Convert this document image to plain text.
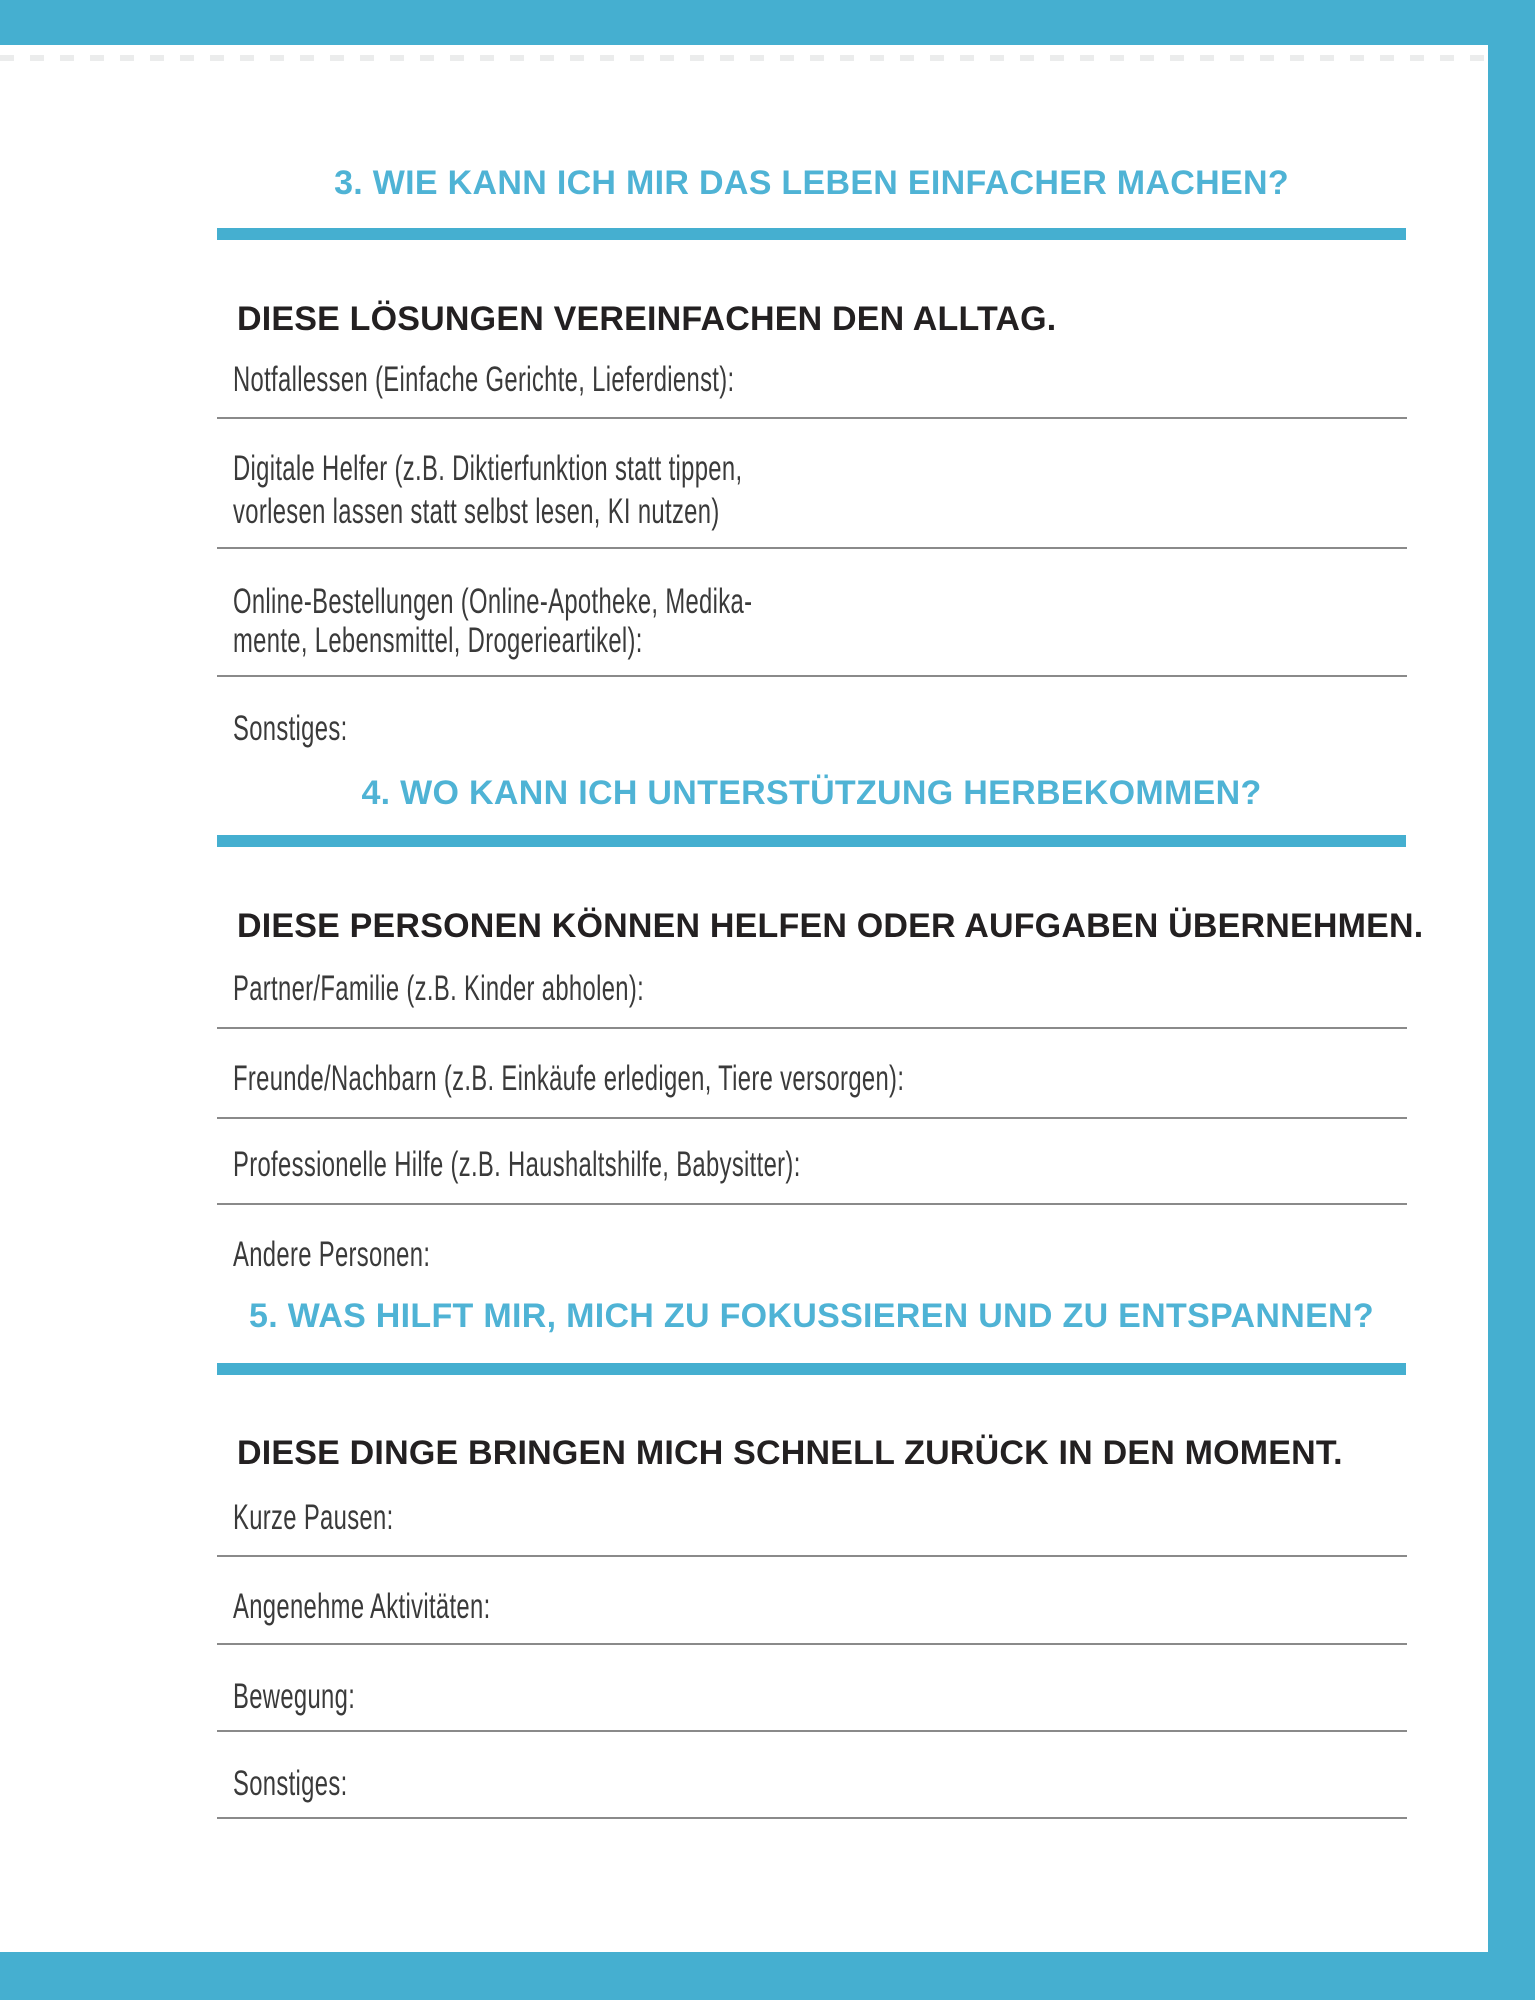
3. WIE KANN ICH MIR DAS LEBEN EINFACHER MACHEN?
DIESE LÖSUNGEN VEREINFACHEN DEN ALLTAG.
Notfallessen (Einfache Gerichte, Lieferdienst):
Digitale Helfer (z.B. Diktierfunktion statt tippen,
vorlesen lassen statt selbst lesen, KI nutzen)
Online-Bestellungen (Online-Apotheke, Medika-
mente, Lebensmittel, Drogerieartikel):
Sonstiges:
4. WO KANN ICH UNTERSTÜTZUNG HERBEKOMMEN?
DIESE PERSONEN KÖNNEN HELFEN ODER AUFGABEN ÜBERNEHMEN.
Partner/Familie (z.B. Kinder abholen):
Freunde/Nachbarn (z.B. Einkäufe erledigen, Tiere versorgen):
Professionelle Hilfe (z.B. Haushaltshilfe, Babysitter):
Andere Personen:
5. WAS HILFT MIR, MICH ZU FOKUSSIEREN UND ZU ENTSPANNEN?
DIESE DINGE BRINGEN MICH SCHNELL ZURÜCK IN DEN MOMENT.
Kurze Pausen:
Angenehme Aktivitäten:
Bewegung:
Sonstiges:
